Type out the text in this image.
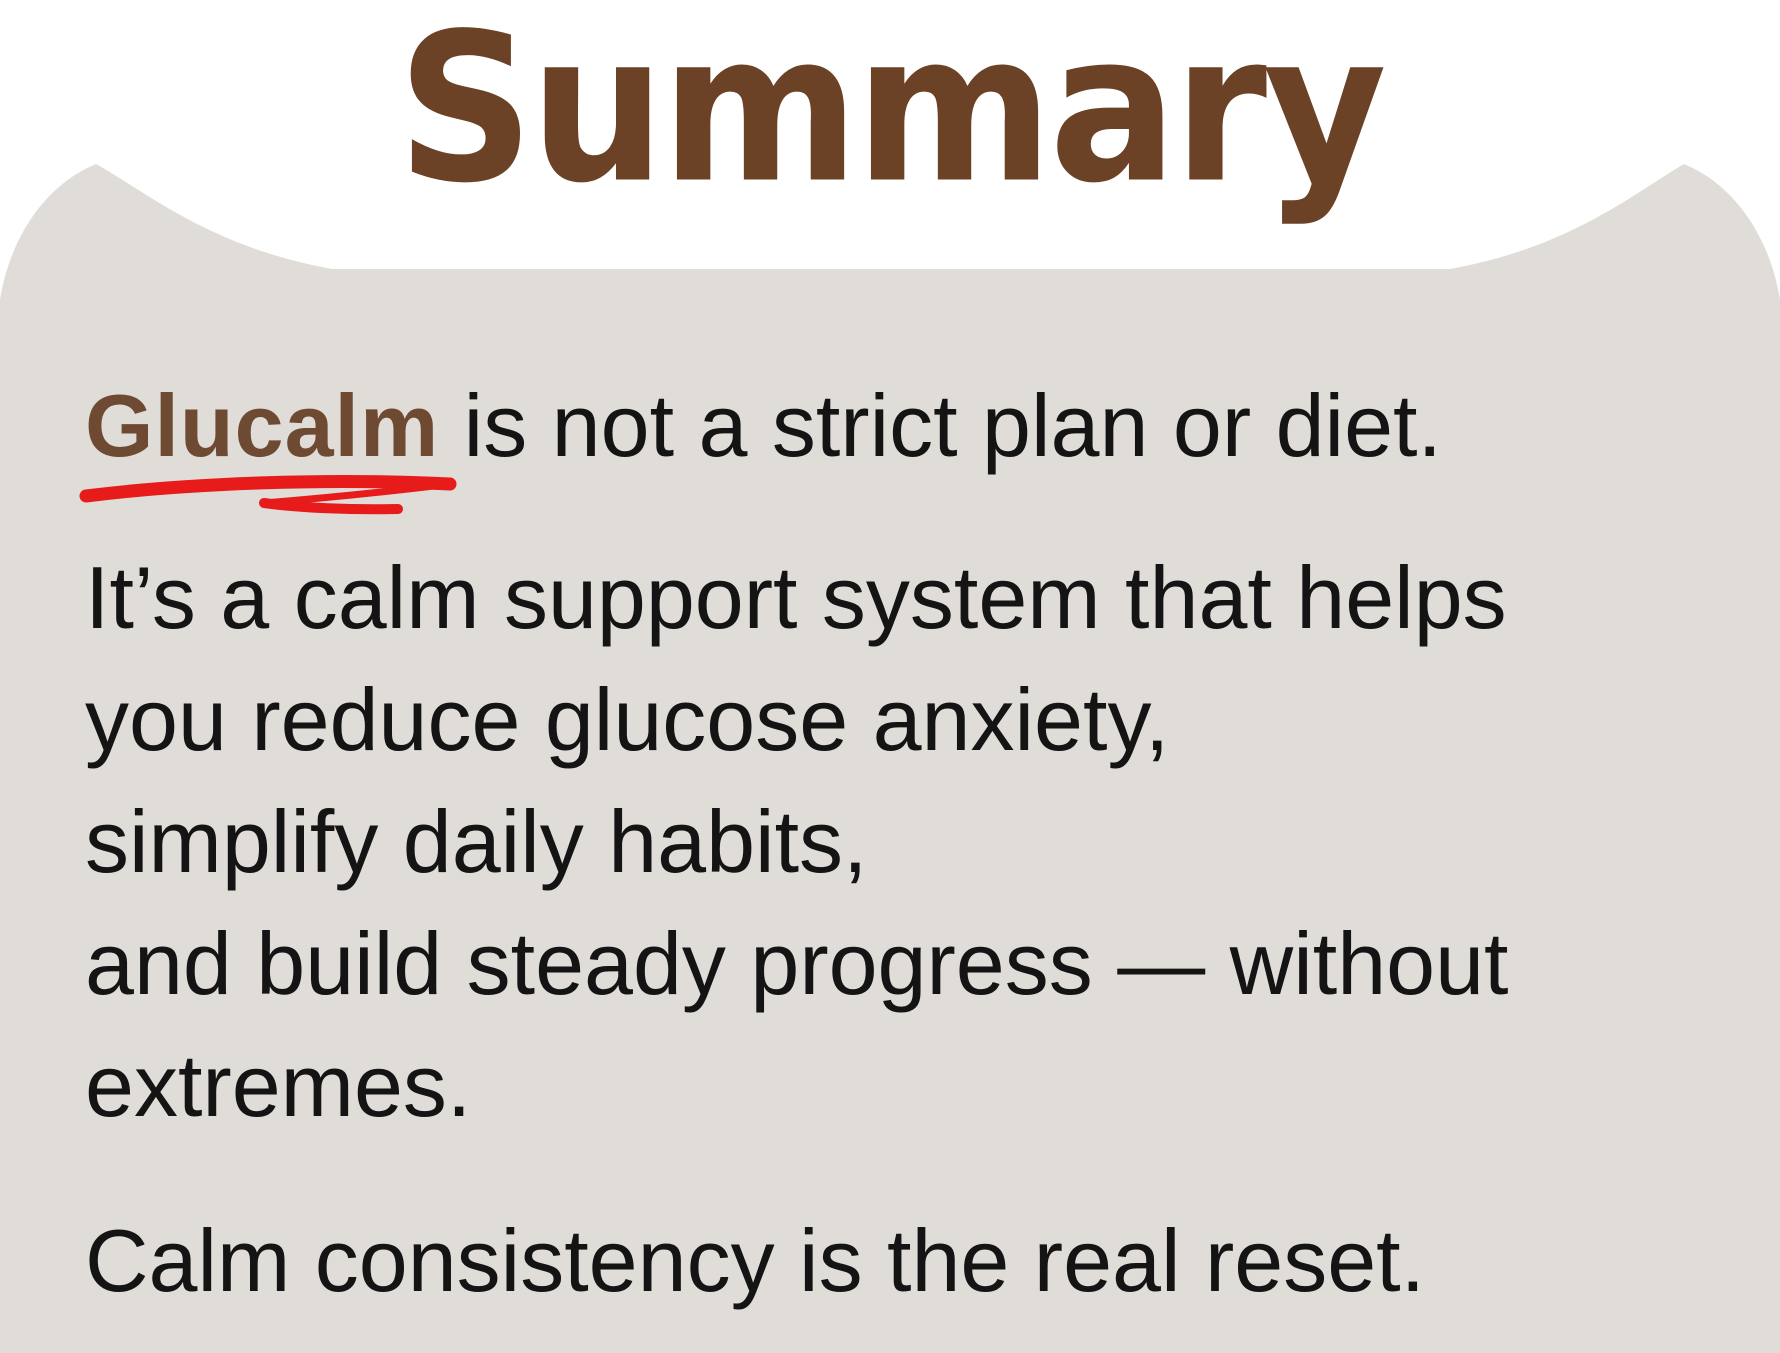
Summary

Glucalm is not a strict plan or diet.

It’s a calm support system that helps
you reduce glucose anxiety,
simplify daily habits,
and build steady progress — without
extremes.

Calm consistency is the real reset.
